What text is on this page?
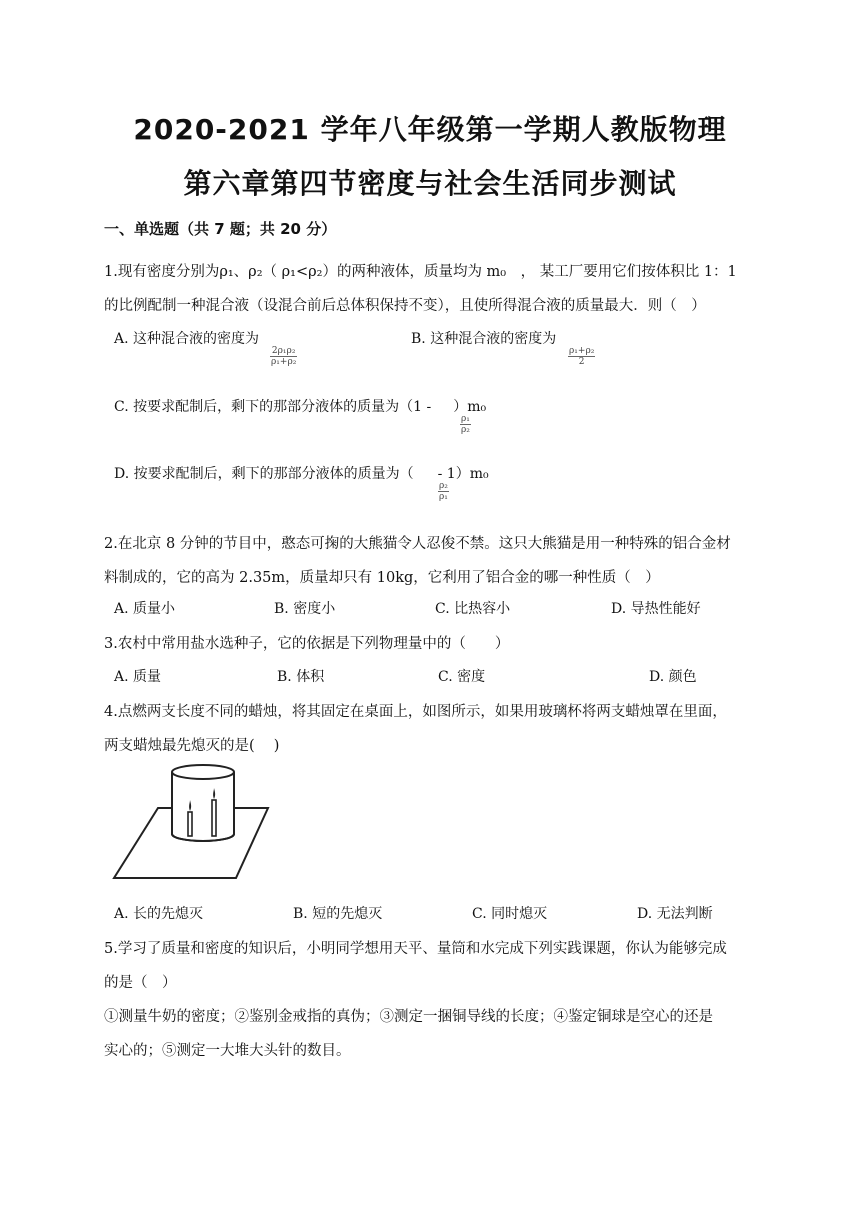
2020-2021 学年八年级第一学期人教版物理
第六章第四节密度与社会生活同步测试
一、单选题（共 7 题；共 20 分）
1.现有密度分别为ρ₁、ρ₂（ ρ₁<ρ₂）的两种液体，质量均为 m₀　， 某工厂要用它们按体积比 1：1
的比例配制一种混合液（设混合前后总体积保持不变），且使所得混合液的质量最大．则（　）
A. 这种混合液的密度为
$\frac{\text{2ρ₁ρ₂}}{\text{ρ₁+ρ₂}}$
B. 这种混合液的密度为
$\frac{\text{ρ₁+ρ₂}}{2}$
C. 按要求配制后，剩下的那部分液体的质量为（1 - ）m₀
$\frac{\text{ρ₁}}{\text{ρ₂}}$
D. 按要求配制后，剩下的那部分液体的质量为（ - 1）m₀
$\frac{\text{ρ₂}}{\text{ρ₁}}$
2.在北京 8 分钟的节目中，憨态可掬的大熊猫令人忍俊不禁。这只大熊猫是用一种特殊的铝合金材
料制成的，它的高为 2.35m，质量却只有 10kg，它利用了铝合金的哪一种性质（　）
A. 质量小	B. 密度小	C. 比热容小	D. 导热性能好
3.农村中常用盐水选种子，它的依据是下列物理量中的（　　）
A. 质量	B. 体积	C. 密度	D. 颜色
4.点燃两支长度不同的蜡烛，将其固定在桌面上，如图所示，如果用玻璃杯将两支蜡烛罩在里面，
两支蜡烛最先熄灭的是(　 )
A. 长的先熄灭	B. 短的先熄灭	C. 同时熄灭	D. 无法判断
5.学习了质量和密度的知识后，小明同学想用天平、量筒和水完成下列实践课题，你认为能够完成
的是（　）
①测量牛奶的密度；②鉴别金戒指的真伪；③测定一捆铜导线的长度；④鉴定铜球是空心的还是
实心的；⑤测定一大堆大头针的数目。
